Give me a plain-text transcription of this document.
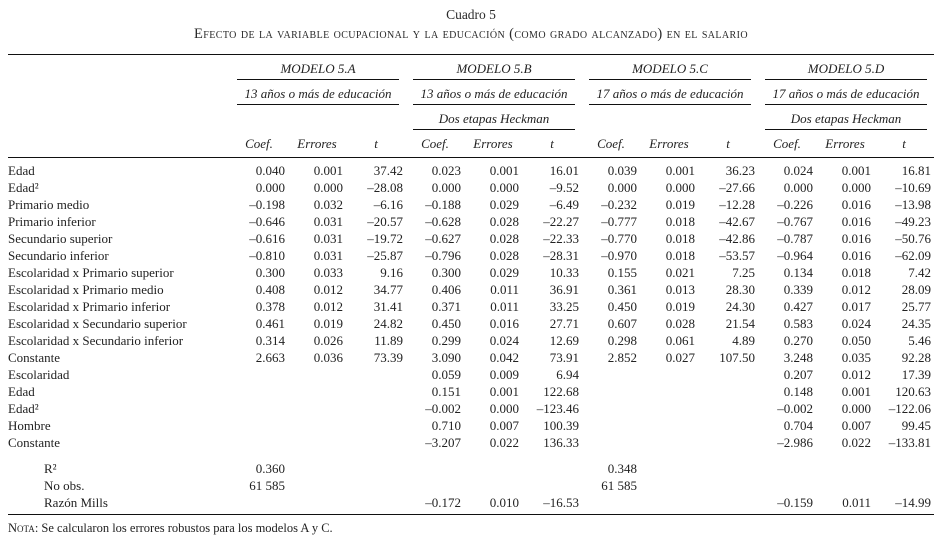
Cuadro 5
Efecto de la variable ocupacional y la educación (como grado alcanzado) en el salario

	MODELO 5.A			MODELO 5.B			MODELO 5.C			MODELO 5.D		

	13 años o más de educación			13 años o más de educación			17 años o más de educación			17 años o más de educación		

				Dos etapas Heckman						Dos etapas Heckman		

	Coef.	Errores	t	Coef.	Errores	t	Coef.	Errores	t	Coef.	Errores	t
Edad	0.040	0.001	37.42	0.023	0.001	16.01	0.039	0.001	36.23	0.024	0.001	16.81
Edad²	0.000	0.000	–28.08	0.000	0.000	–9.52	0.000	0.000	–27.66	0.000	0.000	–10.69
Primario medio	–0.198	0.032	–6.16	–0.188	0.029	–6.49	–0.232	0.019	–12.28	–0.226	0.016	–13.98
Primario inferior	–0.646	0.031	–20.57	–0.628	0.028	–22.27	–0.777	0.018	–42.67	–0.767	0.016	–49.23
Secundario superior	–0.616	0.031	–19.72	–0.627	0.028	–22.33	–0.770	0.018	–42.86	–0.787	0.016	–50.76
Secundario inferior	–0.810	0.031	–25.87	–0.796	0.028	–28.31	–0.970	0.018	–53.57	–0.964	0.016	–62.09
Escolaridad x Primario superior	0.300	0.033	9.16	0.300	0.029	10.33	0.155	0.021	7.25	0.134	0.018	7.42
Escolaridad x Primario medio	0.408	0.012	34.77	0.406	0.011	36.91	0.361	0.013	28.30	0.339	0.012	28.09
Escolaridad x Primario inferior	0.378	0.012	31.41	0.371	0.011	33.25	0.450	0.019	24.30	0.427	0.017	25.77
Escolaridad x Secundario superior	0.461	0.019	24.82	0.450	0.016	27.71	0.607	0.028	21.54	0.583	0.024	24.35
Escolaridad x Secundario inferior	0.314	0.026	11.89	0.299	0.024	12.69	0.298	0.061	4.89	0.270	0.050	5.46
Constante	2.663	0.036	73.39	3.090	0.042	73.91	2.852	0.027	107.50	3.248	0.035	92.28
Escolaridad				0.059	0.009	6.94				0.207	0.012	17.39
Edad				0.151	0.001	122.68				0.148	0.001	120.63
Edad²				–0.002	0.000	–123.46				–0.002	0.000	–122.06
Hombre				0.710	0.007	100.39				0.704	0.007	99.45
Constante				–3.207	0.022	136.33				–2.986	0.022	–133.81

R²	0.360						0.348					
No obs.	61 585						61 585					
Razón Mills				–0.172	0.010	–16.53				–0.159	0.011	–14.99
Nota: Se calcularon los errores robustos para los modelos A y C.
